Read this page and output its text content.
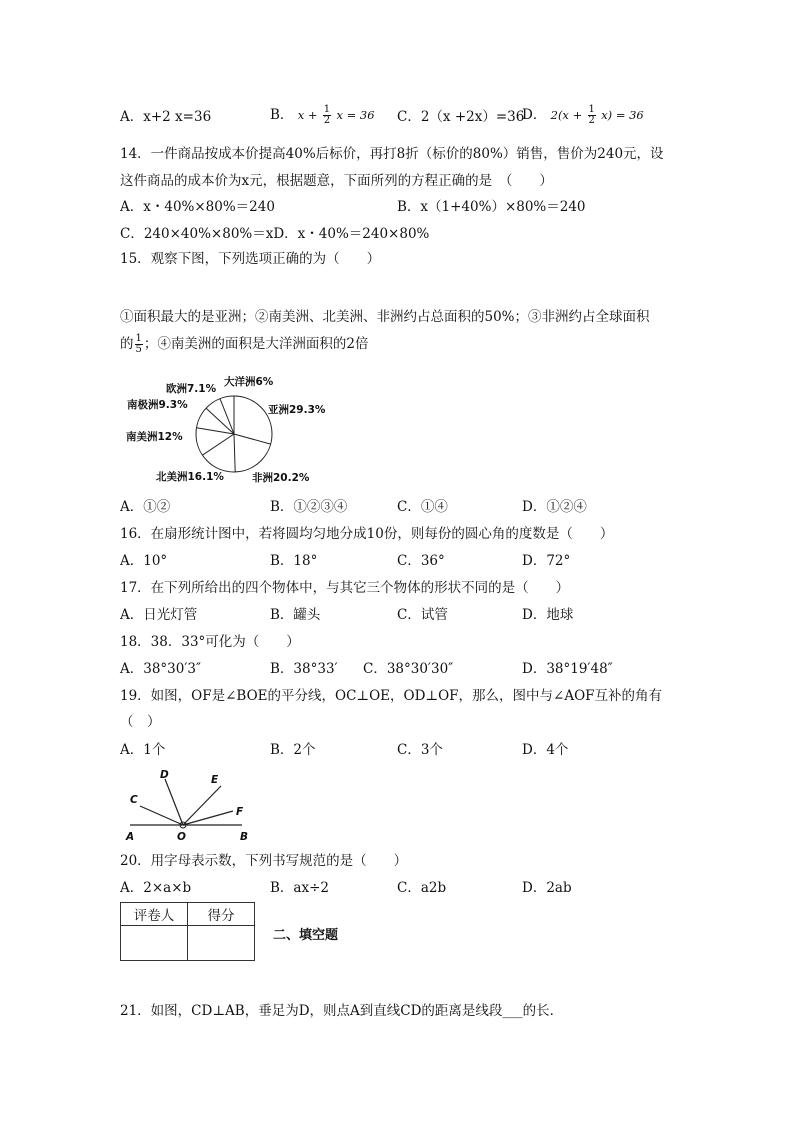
A．x+2 x=36	B． $x + \frac{1}{2}$ x = 36 C．2（x +2x）=36
D． $2(x + \frac{1}{2} x) = 36$
14．一件商品按成本价提高40%后标价，再打8折（标价的80%）销售，售价为240元，设
这件商品的成本价为x元，根据题意，下面所列的方程正确的是　（　　）
A．x・40%×80%＝240	B．x（1+40%）×80%＝240
C．240×40%×80%＝xD．x・40%＝240×80%
15．观察下图，下列选项正确的为（　　）
①面积最大的是亚洲；②南美洲、北美洲、非洲约占总面积的50%；③非洲约占全球面积
的 $\frac{1}{5}$ ；④南美洲的面积是大洋洲面积的2倍
亚洲29.3%
非洲20.2%
北美洲16.1%
南美洲12%
南极洲9.3%
欧洲7.1%
大洋洲6%
A．①②	B．①②③④	C．①④	D．①②④
16．在扇形统计图中，若将圆均匀地分成10份，则每份的圆心角的度数是（　　）
A．10°	B．18°	C．36°	D．72°
17．在下列所给出的四个物体中，与其它三个物体的形状不同的是（　　）
A．日光灯管	B．罐头	C．试管	D．地球
18．38．33°可化为（　　）
A．38°30′3″	B．38°33′ C．38°30′30″	D．38°19′48″
19．如图，OF是∠BOE的平分线，OC⊥OE，OD⊥OF，那么，图中与∠AOF互补的角有
（　）
A．1个	B．2个	C．3个	D．4个
D	E
C
F
A	O	B
20．用字母表示数，下列书写规范的是（　　）
A．2×a×b	B．ax÷2	C．a2b	D．2ab
评卷人	得分

二、填空题
21．如图，CD⊥AB，垂足为D，则点A到直线CD的距离是线段___的长．
